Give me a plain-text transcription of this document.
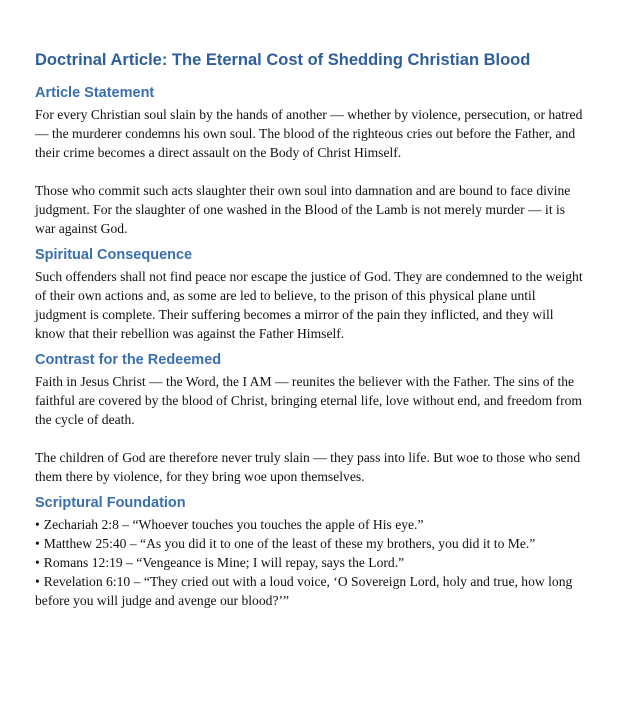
Doctrinal Article: The Eternal Cost of Shedding Christian Blood
Article Statement

For every Christian soul slain by the hands of another — whether by violence, persecution, or hatred — the murderer condemns his own soul. The blood of the righteous cries out before the Father, and their crime becomes a direct assault on the Body of Christ Himself.

Those who commit such acts slaughter their own soul into damnation and are bound to face divine judgment. For the slaughter of one washed in the Blood of the Lamb is not merely murder — it is war against God.

Spiritual Consequence

Such offenders shall not find peace nor escape the justice of God. They are condemned to the weight of their own actions and, as some are led to believe, to the prison of this physical plane until judgment is complete. Their suffering becomes a mirror of the pain they inflicted, and they will know that their rebellion was against the Father Himself.

Contrast for the Redeemed

Faith in Jesus Christ — the Word, the I AM — reunites the believer with the Father. The sins of the faithful are covered by the blood of Christ, bringing eternal life, love without end, and freedom from the cycle of death.

The children of God are therefore never truly slain — they pass into life. But woe to those who send them there by violence, for they bring woe upon themselves.

Scriptural Foundation
• Zechariah 2:8 – “Whoever touches you touches the apple of His eye.”
• Matthew 25:40 – “As you did it to one of the least of these my brothers, you did it to Me.”
• Romans 12:19 – “Vengeance is Mine; I will repay, says the Lord.”
• Revelation 6:10 – “They cried out with a loud voice, ‘O Sovereign Lord, holy and true, how long before you will judge and avenge our blood?’”
